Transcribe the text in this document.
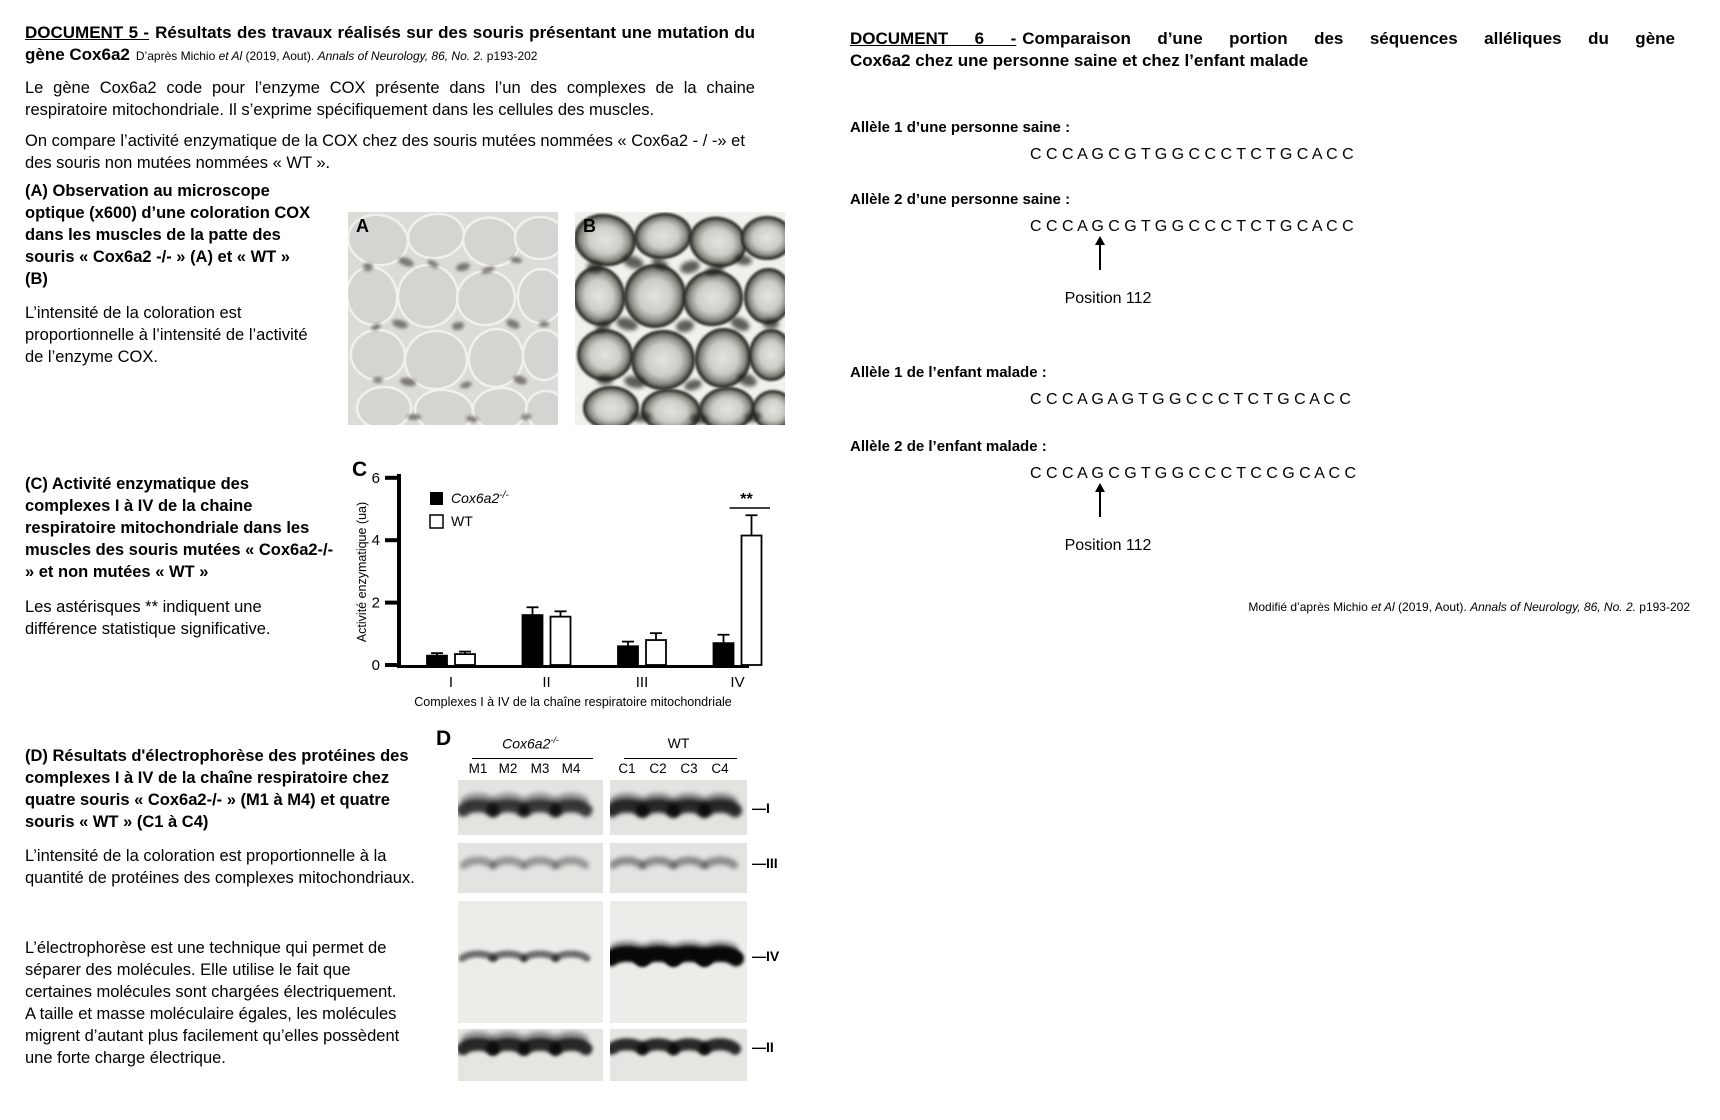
DOCUMENT 5 - Résultats des travaux réalisés sur des souris présentant une mutation du
gène Cox6a2 D’après Michio et Al (2019, Aout). Annals of Neurology, 86, No. 2. p193-202
Le gène Cox6a2 code pour l’enzyme COX présente dans l’un des complexes de la chaine
respiratoire mitochondriale. Il s’exprime spécifiquement dans les cellules des muscles.
On compare l’activité enzymatique de la COX chez des souris mutées nommées « Cox6a2 - / -» et des souris non mutées nommées « WT ».
(A) Observation au microscope optique (x600) d’une coloration COX dans les muscles de la patte des souris « Cox6a2 -/- » (A) et « WT » (B)
L’intensité de la coloration est proportionnelle à l’intensité de l’activité de l’enzyme COX.
A	B
(C) Activité enzymatique des complexes I à IV de la chaine respiratoire mitochondriale dans les muscles des souris mutées « Cox6a2-/- » et non mutées « WT »
Les astérisques ** indiquent une différence statistique significative.
C
0
2
4
6
Activité enzymatique (ua)
I	II	III	IV
Complexes I à IV de la chaîne respiratoire mitochondriale
Cox6a2-/-
WT
**
(D) Résultats d'électrophorèse des protéines des complexes I à IV de la chaîne respiratoire chez quatre souris « Cox6a2-/- » (M1 à M4) et quatre souris « WT » (C1 à C4)
L’intensité de la coloration est proportionnelle à la quantité de protéines des complexes mitochondriaux.
L’électrophorèse est une technique qui permet de séparer des molécules. Elle utilise le fait que certaines molécules sont chargées électriquement. A taille et masse moléculaire égales, les molécules migrent d’autant plus facilement qu’elles possèdent une forte charge électrique.
D	Cox6a2-/-
M1 M2 M3 M4
WT
C1	C2	C3	C4
—I
—III
—IV
—II
DOCUMENT 6 - Comparaison d’une portion des séquences alléliques du gène
Cox6a2 chez une personne saine et chez l’enfant malade
Allèle 1 d’une personne saine :
C C C A G C G T G G C C C T C T G C A C C
Allèle 2 d’une personne saine :
C C C A G C G T G G C C C T C T G C A C C
Position 112
Allèle 1 de l’enfant malade :
C C C A G A G T G G C C C T C T G C A C C
Allèle 2 de l’enfant malade :
C C C A G C G T G G C C C T C C G C A C C
Position 112
Modifié d’après Michio et Al (2019, Aout). Annals of Neurology, 86, No. 2. p193-202
